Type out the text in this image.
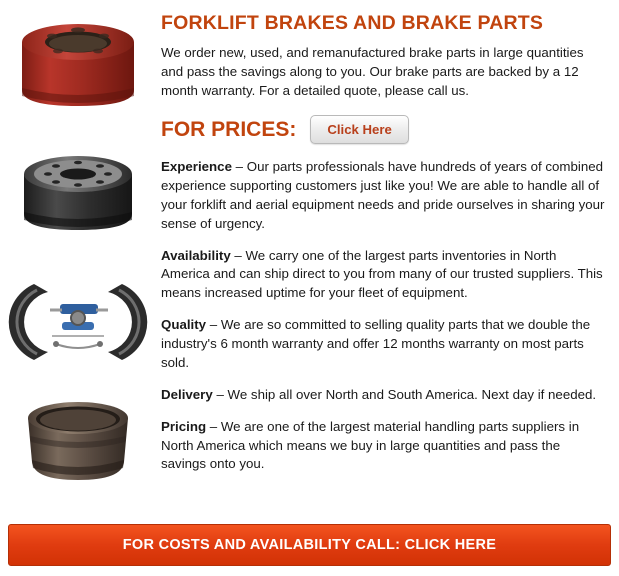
FORKLIFT BRAKES AND BRAKE PARTS

We order new, used, and remanufactured brake parts in large quantities and pass the savings along to you. Our brake parts are backed by a 12 month warranty. For a detailed quote, please call us.

FOR PRICES:	Click Here

Experience – Our parts professionals have hundreds of years of combined experience supporting customers just like you! We are able to handle all of your forklift and aerial equipment needs and pride ourselves in sharing your sense of urgency.

Availability – We carry one of the largest parts inventories in North America and can ship direct to you from many of our trusted suppliers. This means increased uptime for your fleet of equipment.

Quality – We are so committed to selling quality parts that we double the industry's 6 month warranty and offer 12 months warranty on most parts sold.

Delivery – We ship all over North and South America. Next day if needed.

Pricing – We are one of the largest material handling parts suppliers in North America which means we buy in large quantities and pass the savings onto you.

FOR COSTS AND AVAILABILITY CALL: CLICK HERE
